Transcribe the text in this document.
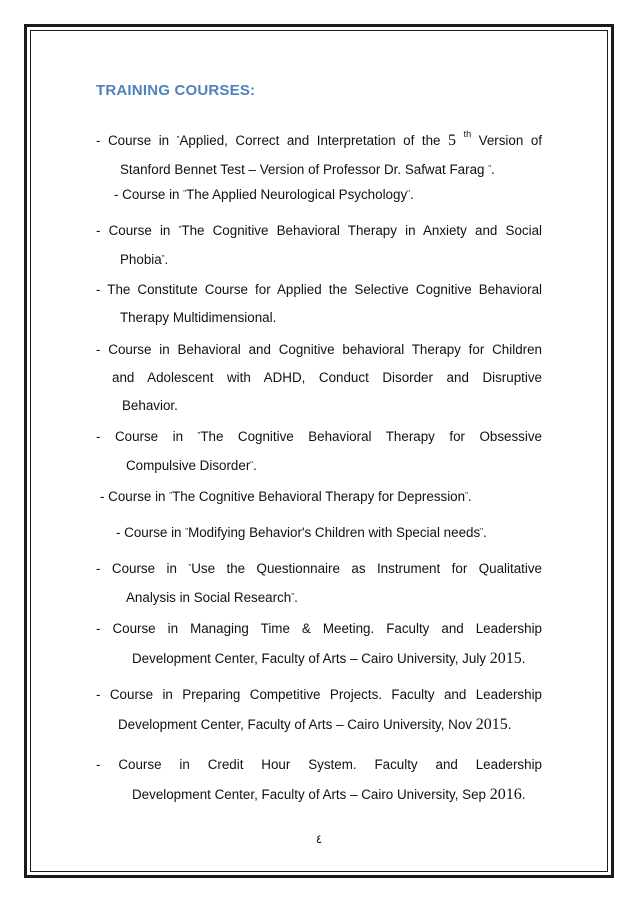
TRAINING COURSES:
- Course in "Applied, Correct and Interpretation of the 5 $^{th}$ Version of
Stanford Bennet Test – Version of Professor Dr. Safwat Farag ".
- Course in "The Applied Neurological Psychology".
- Course in "The Cognitive Behavioral Therapy in Anxiety and Social
Phobia".
- The Constitute Course for Applied the Selective Cognitive Behavioral
Therapy Multidimensional.
- Course in Behavioral and Cognitive behavioral Therapy for Children
and Adolescent with ADHD, Conduct Disorder and Disruptive
Behavior.
- Course in "The Cognitive Behavioral Therapy for Obsessive
Compulsive Disorder".
- Course in "The Cognitive Behavioral Therapy for Depression".
- Course in "Modifying Behavior's Children with Special needs".
- Course in "Use the Questionnaire as Instrument for Qualitative
Analysis in Social Research".
- Course in Managing Time & Meeting. Faculty and Leadership
Development Center, Faculty of Arts – Cairo University, July 2015.
- Course in Preparing Competitive Projects. Faculty and Leadership
Development Center, Faculty of Arts – Cairo University, Nov 2015.
- Course in Credit Hour System. Faculty and Leadership
Development Center, Faculty of Arts – Cairo University, Sep 2016.
٤
